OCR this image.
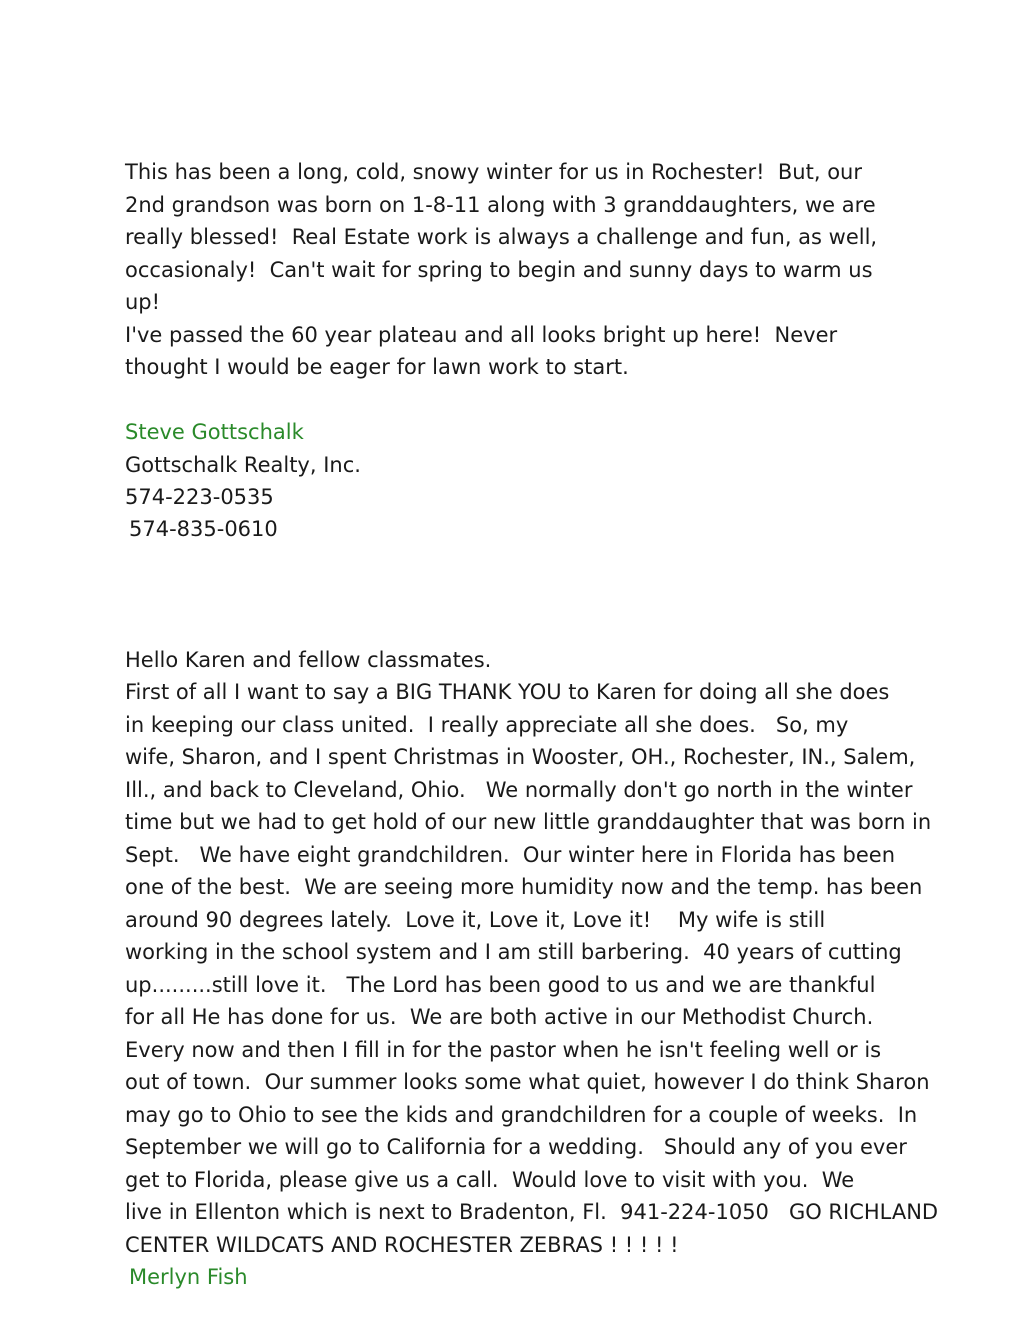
This has been a long, cold, snowy winter for us in Rochester!  But, our
2nd grandson was born on 1-8-11 along with 3 granddaughters, we are
really blessed!  Real Estate work is always a challenge and fun, as well,
occasionaly!  Can't wait for spring to begin and sunny days to warm us
up!
I've passed the 60 year plateau and all looks bright up here!  Never
thought I would be eager for lawn work to start.
Steve Gottschalk
Gottschalk Realty, Inc.
574-223-0535
574-835-0610
Hello Karen and fellow classmates.
First of all I want to say a BIG THANK YOU to Karen for doing all she does
in keeping our class united.  I really appreciate all she does.   So, my
wife, Sharon, and I spent Christmas in Wooster, OH., Rochester, IN., Salem,
Ill., and back to Cleveland, Ohio.   We normally don't go north in the winter
time but we had to get hold of our new little granddaughter that was born in
Sept.   We have eight grandchildren.  Our winter here in Florida has been
one of the best.  We are seeing more humidity now and the temp. has been
around 90 degrees lately.  Love it, Love it, Love it!    My wife is still
working in the school system and I am still barbering.  40 years of cutting
up.........still love it.   The Lord has been good to us and we are thankful
for all He has done for us.  We are both active in our Methodist Church.
Every now and then I fill in for the pastor when he isn't feeling well or is
out of town.  Our summer looks some what quiet, however I do think Sharon
may go to Ohio to see the kids and grandchildren for a couple of weeks.  In
September we will go to California for a wedding.   Should any of you ever
get to Florida, please give us a call.  Would love to visit with you.  We
live in Ellenton which is next to Bradenton, Fl.  941-224-1050   GO RICHLAND
CENTER WILDCATS AND ROCHESTER ZEBRAS ! ! ! ! !
Merlyn Fish
